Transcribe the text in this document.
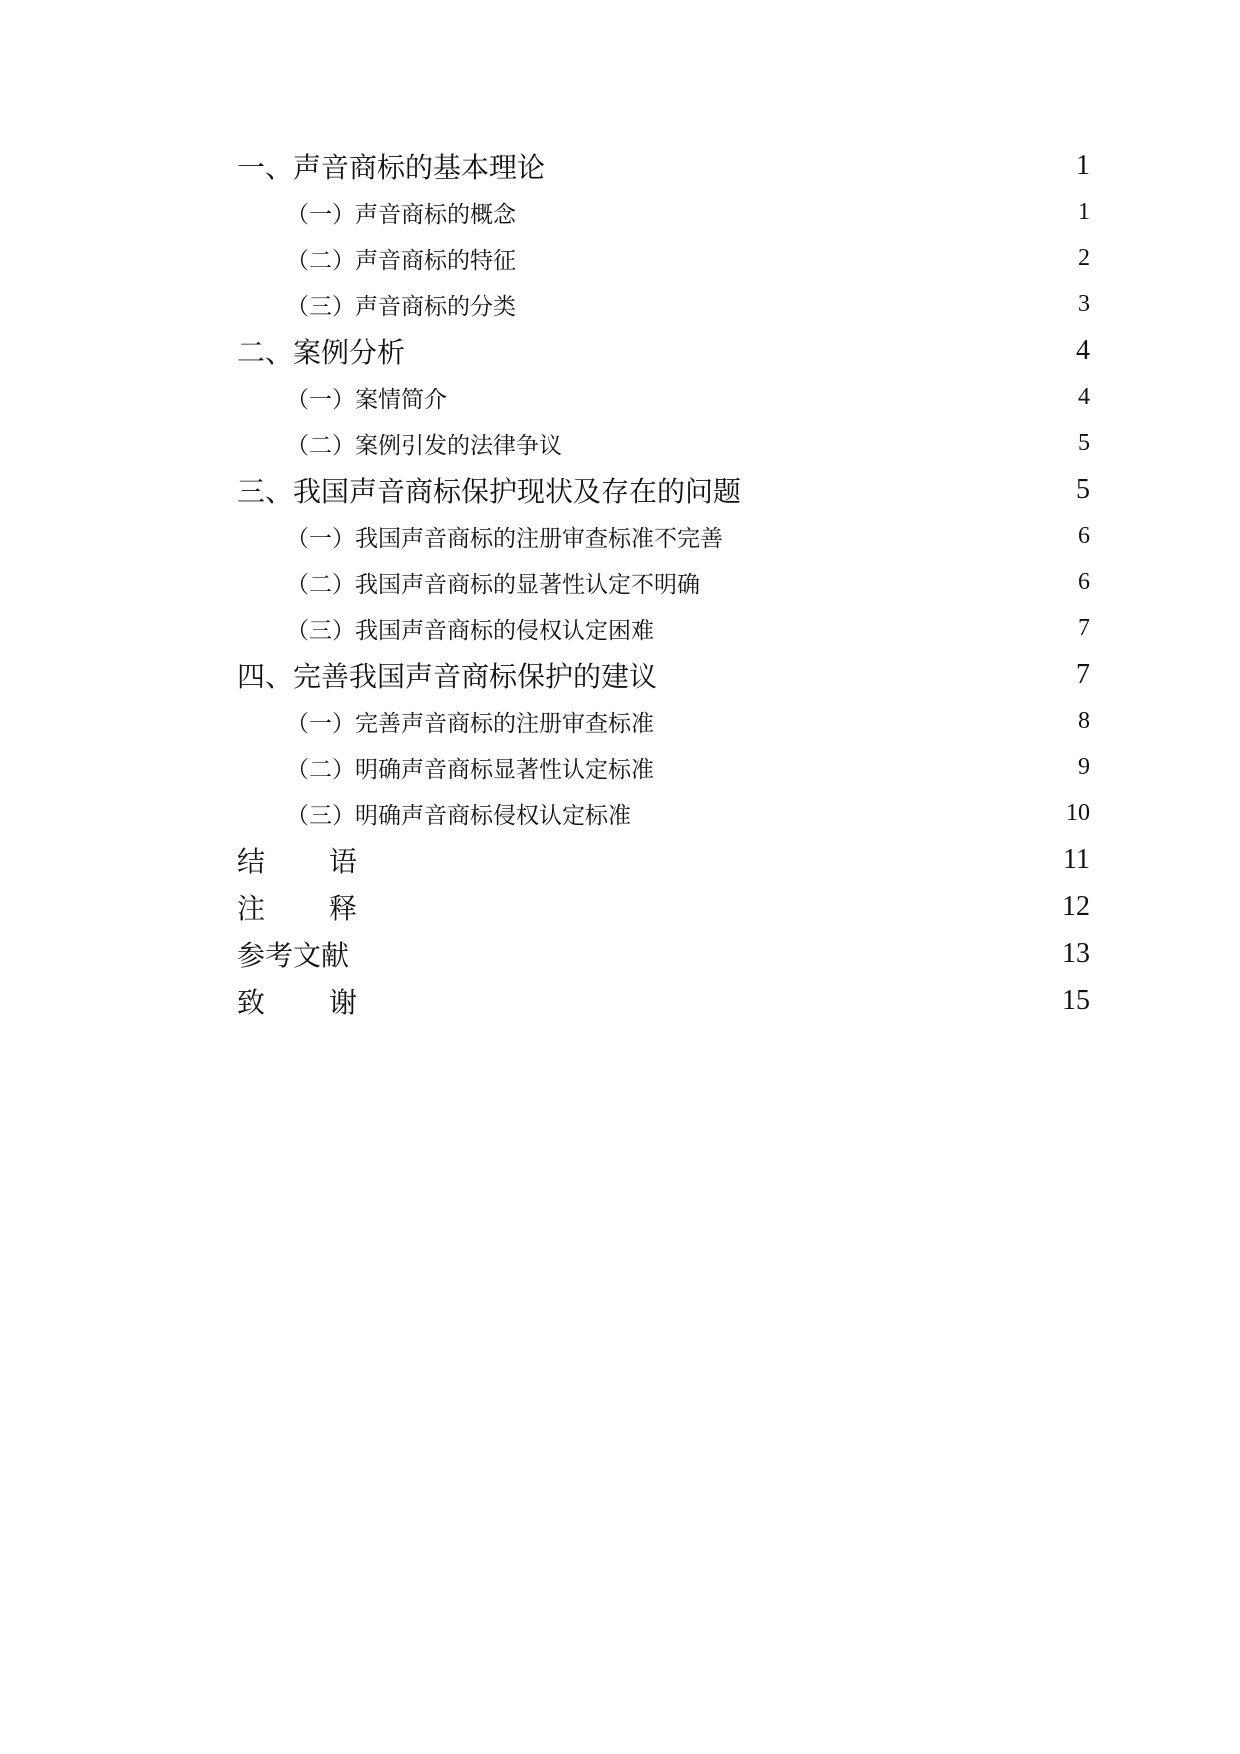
一、声音商标的基本理论	1
（一）声音商标的概念	1
（二）声音商标的特征	2
（三）声音商标的分类	3
二、案例分析	4
（一）案情简介	4
（二）案例引发的法律争议	5
三、我国声音商标保护现状及存在的问题	5
（一）我国声音商标的注册审查标准不完善	6
（二）我国声音商标的显著性认定不明确	6
（三）我国声音商标的侵权认定困难	7
四、完善我国声音商标保护的建议	7
（一）完善声音商标的注册审查标准	8
（二）明确声音商标显著性认定标准	9
（三）明确声音商标侵权认定标准	10
结 语	11
注 释	12
参考文献	13
致 谢	15
